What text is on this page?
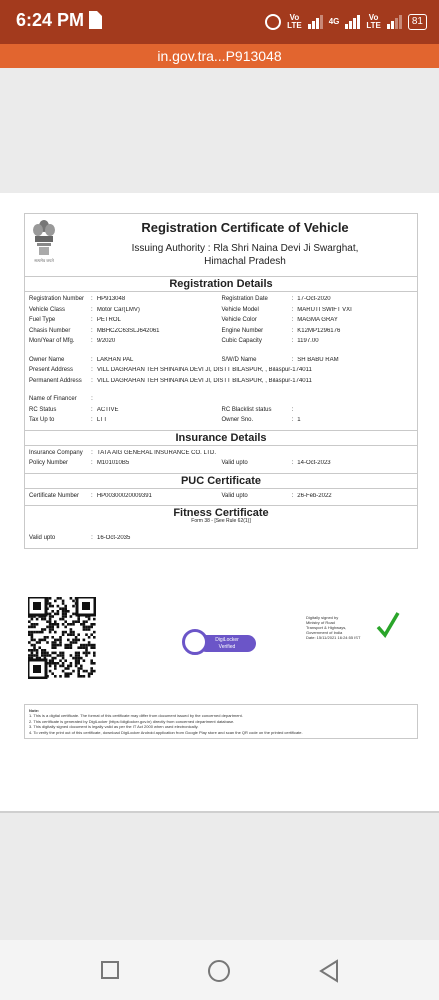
6:24 PM	Vo
LTE	4G	Vo
LTE	81
in.gov.tra...P913048
सत्यमेव जयते
Registration Certificate of Vehicle
Issuing Authority : Rla Shri Naina Devi Ji Swarghat,
Himachal Pradesh
Registration Details
Registration Number	: HP913048	Registration Date	: 17-Oct-2020
Vehicle Class	: Motor Car(LMV)	Vehicle Model	: MARUTI SWIFT VXI
Fuel Type	: PETROL	Vehicle Color	: MAGMA GRAY
Chasis Number	: MBHCZC63SLJ642061	Engine Number	: K12MP1296176
Mon/Year of Mfg.	: 9/2020	Cubic Capacity	: 1197.00
Owner Name	: LAKHAN PAL	S/W/D Name	: SH BABU RAM
Present Address	: VILL DAGRAHAN TEH SHINAINA DEVI JI, DISTT BILASPUR, , Bilaspur-174011
Permanent Address	: VILL DAGRAHAN TEH SHINAINA DEVI JI, DISTT BILASPUR, , Bilaspur-174011
Name of Financer	:
RC Status	: ACTIVE	RC Blacklist status	:
Tax Up to	: LTT	Owner Sno.	: 1
Insurance Details
Insurance Company	: TATA AIG GENERAL INSURANCE CO. LTD.
Policy Number	: M101010B5	Valid upto	: 14-Oct-2023
PUC Certificate
Certificate Number	: HP00300020009391	Valid upto	: 26-Feb-2022
Fitness Certificate
Form 38 - [See Rule 62(1)]
Valid upto	: 16-Oct-2035
DigiLocker
Verified
Digitally signed by
Ministry of Road
Transport & Highways,
Government of India
Date: 15/11/2021 16:24:55 IST
Note:
1. This is a digital certificate. The format of this certificate may differ from document issued by the concerned department.
2. This certificate is generated by DigiLocker (https://digilocker.gov.in) directly from concerned department database.
3. This digitally signed document is legally valid as per the IT Act 2000 when used electronically.
4. To verify the print out of this certificate, download DigiLocker Android application from Google Play store and scan the QR code on the printed certificate.
